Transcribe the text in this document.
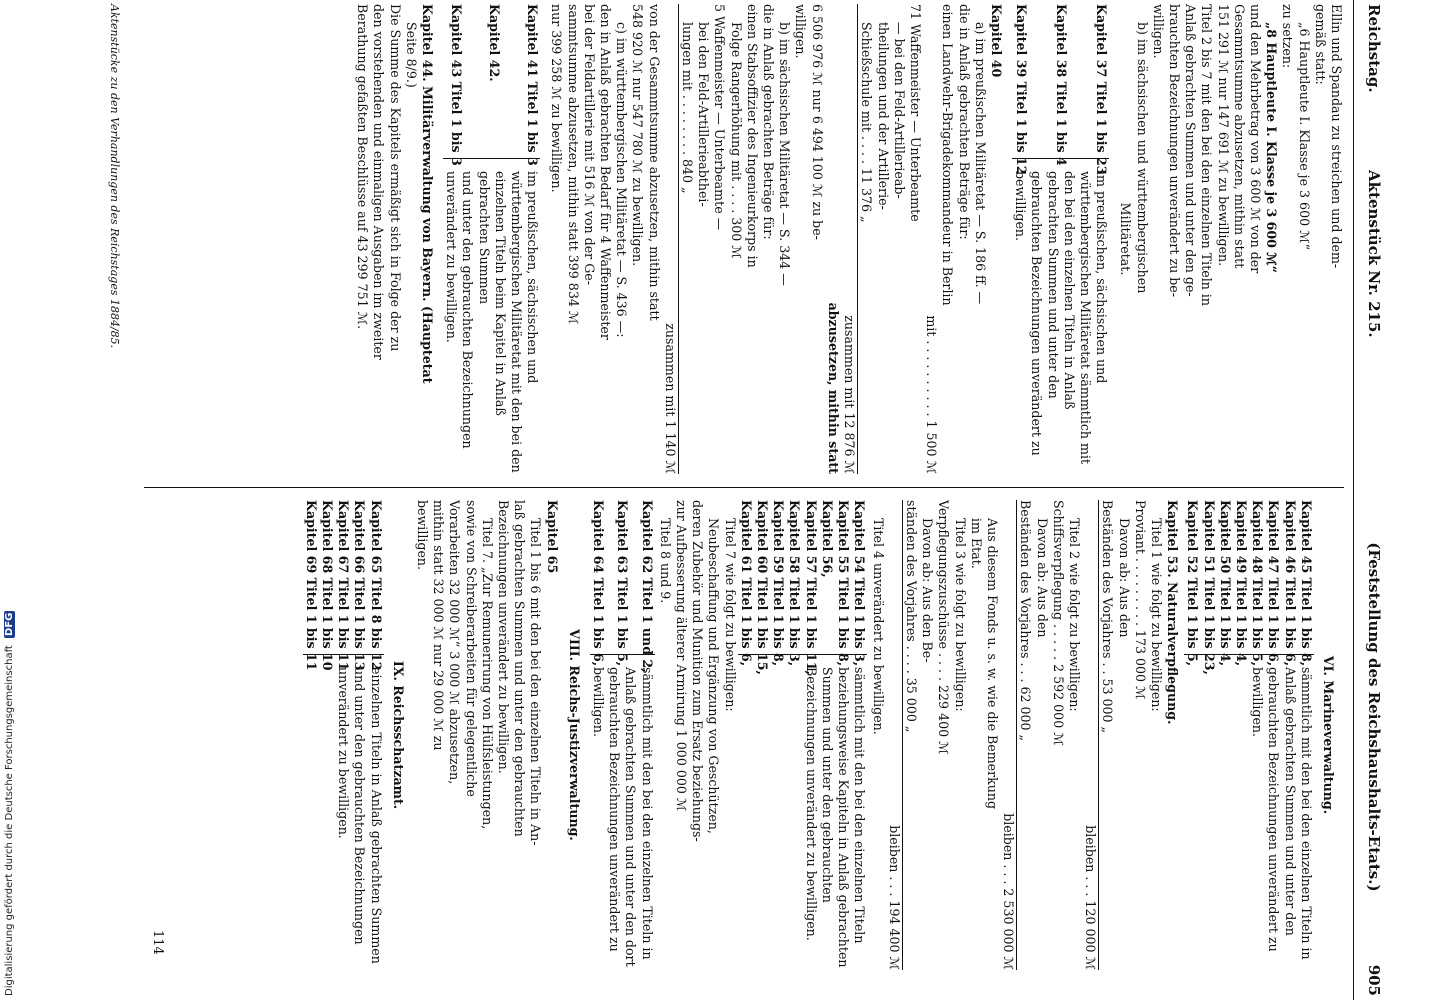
Digitalisierung gefördert durch die Deutsche Forschungsgemeinschaft DFG
Reichstag.
Aktenstück Nr. 215.
(Feststellung des Reichshaushalts-Etats.)              905
Ellin und Spandau zu streichen und dem-
gemäß statt:
„6 Hauptleute I. Klasse je 3 600 ℳ“
zu setzen:
„8 Hauptleute I. Klasse je 3 600 ℳ“
und den Mehrbetrag von 3 600 ℳ von der
Gesammtsumme abzusetzen, mithin statt
151 291 ℳ nur 147 691 ℳ zu bewilligen.
Titel 2 bis 7 mit den bei den einzelnen Titeln in
Anlaß gebrachten Summen und unter den ge-
brauchten Bezeichnungen unverändert zu be-
willigen.
b) im sächsischen und württembergischen
Militäretat.
Kapitel 37 Titel 1 bis 23
Kapitel 38 Titel 1 bis 4
Kapitel 39 Titel 1 bis 12
im preußischen, sächsischen und württembergischen Militäretat sämmtlich mit den bei den einzelnen Titeln in Anlaß gebrachten Summen und unter den gebrauchten Bezeichnungen unverändert zu bewilligen.
Kapitel 40
a) im preußischen Militäretat — S. 186 ff. —
die in Anlaß gebrachten Beträge für:
einen Landwehr-Brigadekommandeur in Berlin
mit . . . . . . . . . . 1 500 ℳ
71 Waffenmeister — Unterbeamte
— bei den Feld-Artillerieab-
theilungen und der Artillerie-
Schießschule mit . . . . 11 376 „
zusammen mit 12 876 ℳ
abzusetzen, mithin statt
6 506 976 ℳ nur 6 494 100 ℳ zu be-
willigen.
b) im sächsischen Militäretat — S. 344 —
die in Anlaß gebrachten Beträge für:
einen Stabsoffizier des Ingenieurkorps in
Folge Rangerhöhung mit . . . . 300 ℳ
5 Waffenmeister — Unterbeamte —
bei den Feld-Artillerieabthei-
lungen mit . . . . . . . . 840 „
zusammen mit 1 140 ℳ
von der Gesammtsumme abzusetzen, mithin statt
548 920 ℳ nur 547 780 ℳ zu bewilligen.
c) im württembergischen Militäretat — S. 436 —:
den in Anlaß gebrachten Bedarf für 4 Waffenmeister
bei der Feldartillerie mit 516 ℳ von der Ge-
sammtsumme abzusetzen, mithin statt 399 834 ℳ
nur 399 258 ℳ zu bewilligen.
Kapitel 41 Titel 1 bis 3
Kapitel 42.
Kapitel 43 Titel 1 bis 3
im preußischen, sächsischen und württembergischen Militäretat mit den bei den einzelnen Titeln beim Kapitel in Anlaß gebrachten Summen
und unter den gebrauchten Bezeichnungen unverändert zu bewilligen.
Kapitel 44. Militärverwaltung von Bayern. (Hauptetat
Seite 8/9.)
Die Summe des Kapitels ermäßigt sich in Folge der zu
den vorstehenden und einmaligen Ausgaben im zweiter
Berathung gefaßten Beschlüsse auf 43 299 751 ℳ.
VI. Marineverwaltung.
Kapitel 45 Titel 1 bis 8,
Kapitel 46 Titel 1 bis 6,
Kapitel 47 Titel 1 bis 6,
Kapitel 48 Titel 1 bis 5,
Kapitel 49 Titel 1 bis 4,
Kapitel 50 Titel 1 bis 4,
Kapitel 51 Titel 1 bis 23,
Kapitel 52 Titel 1 bis 5,
sämmtlich mit den bei den einzelnen Titeln in Anlaß gebrachten Summen und unter den gebrauchten Bezeichnungen unverändert zu bewilligen.
Kapitel 53. Naturalverpflegung.
Titel 1 wie folgt zu bewilligen:
Proviant . . . . . . . . . 173 000 ℳ
Davon ab: Aus den
Beständen des Vorjahres . . 53 000 „
bleiben . . . 120 000 ℳ
Titel 2 wie folgt zu bewilligen:
Schiffsverpflegung . . . . . 2 592 000 ℳ
Davon ab: Aus den
Beständen des Vorjahres . . . 62 000 „
bleiben . . . 2 530 000 ℳ
Aus diesem Fonds u. s. w. wie die Bemerkung
im Etat.
Titel 3 wie folgt zu bewilligen:
Verpflegungszuschüsse . . . . 229 400 ℳ
Davon ab: Aus den Be-
ständen des Vorjahres . . . . 35 000 „
bleiben . . . 194 400 ℳ
Titel 4 unverändert zu bewilligen.
Kapitel 54 Titel 1 bis 3,
Kapitel 55 Titel 1 bis 8,
Kapitel 56,
Kapitel 57 Titel 1 bis 11,
Kapitel 58 Titel 1 bis 3,
Kapitel 59 Titel 1 bis 8,
Kapitel 60 Titel 1 bis 15,
Kapitel 61 Titel 1 bis 6,
sämmtlich mit den bei den einzelnen Titeln beziehungsweise Kapiteln in Anlaß gebrachten Summen und unter den gebrauchten Bezeichnungen unverändert zu bewilligen.
Titel 7 wie folgt zu bewilligen:
Neubeschaffung und Ergänzung von Geschützen,
deren Zubehör und Munition zum Ersatz beziehungs-
zur Aufbesserung älterer Armirung 1 000 000 ℳ
Titel 8 und 9.
Kapitel 62 Titel 1 und 2,
Kapitel 63 Titel 1 bis 5,
Kapitel 64 Titel 1 bis 6,
sämmtlich mit den bei den einzelnen Titeln in Anlaß gebrachten Summen und unter den dort gebrauchten Bezeichnungen unverändert zu bewilligen.
VIII. Reichs-Justizverwaltung.
Kapitel 65
Titel 1 bis 6 mit den bei den einzelnen Titeln in An-
laß gebrachten Summen und unter den gebrauchten
Bezeichnungen unverändert zu bewilligen.
Titel 7. „Zur Remunerirung von Hülfsleistungen,
sowie von Schreiberarbeiten für gelegentliche
Vorarbeiten 32 000 ℳ“ 3 000 ℳ abzusetzen,
mithin statt 32 000 ℳ nur 29 000 ℳ zu
bewilligen.
IX. Reichsschatzamt.
Kapitel 65 Titel 8 bis 12
Kapitel 66 Titel 1 bis 13
Kapitel 67 Titel 1 bis 11
Kapitel 68 Titel 1 bis 10
Kapitel 69 Titel 1 bis 11
einzelnen Titeln in Anlaß gebrachten Summen und unter den gebrauchten Bezeichnungen unverändert zu bewilligen.
114
Aktenstücke zu den Verhandlungen des Reichstages 1884/85.
